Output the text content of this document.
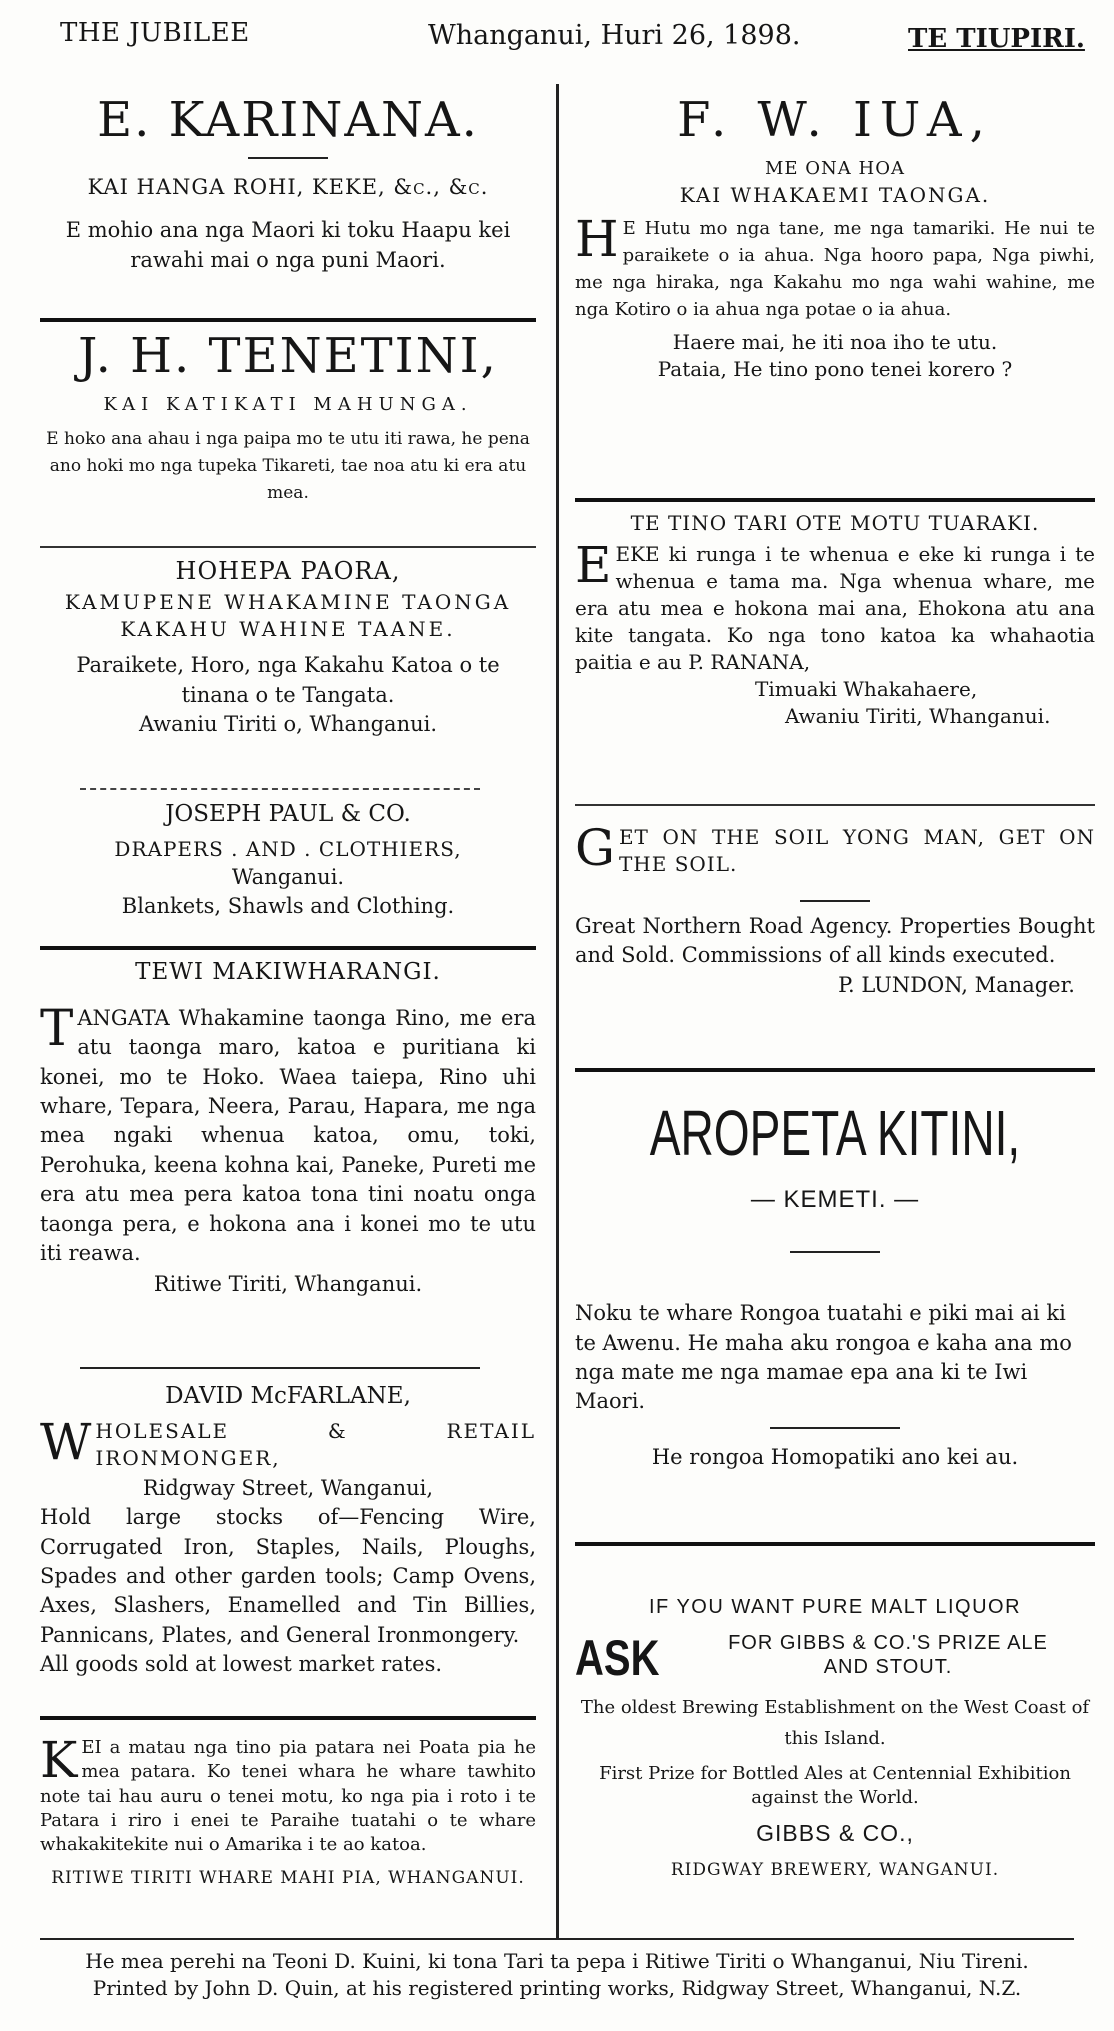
THE JUBILEE	Whanganui, Huri 26, 1898.	TE TIUPIRI.
E. KARINANA.
KAI HANGA ROHI, KEKE, &c., &c.
E mohio ana nga Maori ki toku Haapu kei rawahi mai o nga puni Maori.
J. H. TENETINI,
KAI KATIKATI MAHUNGA.
E hoko ana ahau i nga paipa mo te utu iti rawa, he pena ano hoki mo nga tupeka Tikareti, tae noa atu ki era atu mea.
HOHEPA PAORA,
KAMUPENE WHAKAMINE TAONGA KAKAHU WAHINE TAANE.
Paraikete, Horo, nga Kakahu Katoa o te tinana o te Tangata.
Awaniu Tiriti o, Whanganui.
JOSEPH PAUL & CO.
DRAPERS . AND . CLOTHIERS,
Wanganui.
Blankets, Shawls and Clothing.
TEWI MAKIWHARANGI.
TANGATA Whakamine taonga Rino, me era atu taonga maro, katoa e puritiana ki konei, mo te Hoko. Waea taiepa, Rino uhi whare, Tepara, Neera, Parau, Hapara, me nga mea ngaki whenua katoa, omu, toki, Perohuka, keena kohna kai, Paneke, Pureti me era atu mea pera katoa tona tini noatu onga taonga pera, e hokona ana i konei mo te utu iti reawa.
Ritiwe Tiriti, Whanganui.
DAVID McFARLANE,
WHOLESALE & RETAIL IRONMONGER,
Ridgway Street, Wanganui,
Hold large stocks of—Fencing Wire, Corrugated Iron, Staples, Nails, Ploughs, Spades and other garden tools; Camp Ovens, Axes, Slashers, Enamelled and Tin Billies, Pannicans, Plates, and General Ironmongery.
All goods sold at lowest market rates.
KEI a matau nga tino pia patara nei Poata pia he mea patara. Ko tenei whara he whare tawhito note tai hau auru o tenei motu, ko nga pia i roto i te Patara i riro i enei te Paraihe tuatahi o te whare whakakitekite nui o Amarika i te ao katoa.
RITIWE TIRITI WHARE MAHI PIA, WHANGANUI.
F. W. IUA,
ME ONA HOA
KAI WHAKAEMI TAONGA.
H E Hutu mo nga tane, me nga tamariki. He nui te paraikete o ia ahua. Nga hooro papa, Nga piwhi, me nga hiraka, nga Kakahu mo nga wahi wahine, me nga Kotiro o ia ahua nga potae o ia ahua.
Haere mai, he iti noa iho te utu.
Pataia, He tino pono tenei korero ?
TE TINO TARI OTE MOTU TUARAKI.
EEKE ki runga i te whenua e eke ki runga i te whenua e tama ma. Nga whenua whare, me era atu mea e hokona mai ana, Ehokona atu ana kite tangata. Ko nga tono katoa ka whahaotia paitia e au P. RANANA,
Timuaki Whakahaere,
Awaniu Tiriti, Whanganui.
GET ON THE SOIL YONG MAN, GET ON THE SOIL.
Great Northern Road Agency. Properties Bought and Sold. Commissions of all kinds executed.
P. LUNDON, Manager.
AROPETA KITINI,
— KEMETI. —
Noku te whare Rongoa tuatahi e piki mai ai ki te Awenu. He maha aku rongoa e kaha ana mo nga mate me nga mamae epa ana ki te Iwi Maori.
He rongoa Homopatiki ano kei au.
IF YOU WANT PURE MALT LIQUOR
ASK	FOR GIBBS & CO.'S PRIZE ALE
AND STOUT.
The oldest Brewing Establishment on the West Coast of this Island.
First Prize for Bottled Ales at Centennial Exhibition against the World.
GIBBS & CO.,
RIDGWAY BREWERY, WANGANUI.
He mea perehi na Teoni D. Kuini, ki tona Tari ta pepa i Ritiwe Tiriti o Whanganui, Niu Tireni.
Printed by John D. Quin, at his registered printing works, Ridgway Street, Whanganui, N.Z.
